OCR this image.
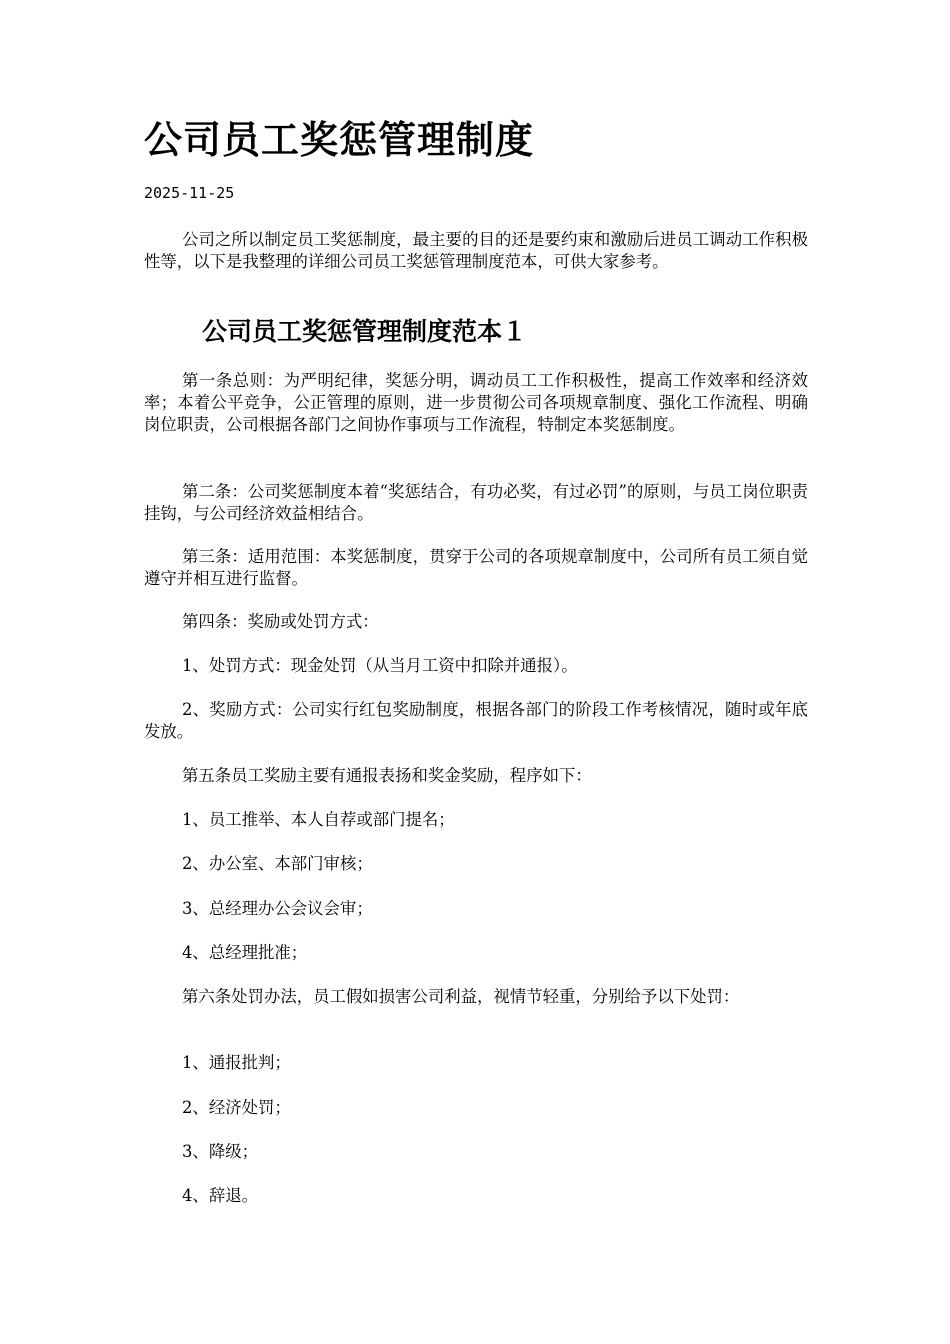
公司员工奖惩管理制度
2025-11-25

公司之所以制定员工奖惩制度，最主要的目的还是要约束和激励后进员工调动工作积极性等，以下是我整理的详细公司员工奖惩管理制度范本，可供大家参考。

公司员工奖惩管理制度范本１

第一条总则：为严明纪律，奖惩分明，调动员工工作积极性，提高工作效率和经济效率；本着公平竞争，公正管理的原则，进一步贯彻公司各项规章制度、强化工作流程、明确岗位职责，公司根据各部门之间协作事项与工作流程，特制定本奖惩制度。

第二条：公司奖惩制度本着“奖惩结合，有功必奖，有过必罚”的原则，与员工岗位职责挂钩，与公司经济效益相结合。

第三条：适用范围：本奖惩制度，贯穿于公司的各项规章制度中，公司所有员工须自觉遵守并相互进行监督。

第四条：奖励或处罚方式：

1、处罚方式：现金处罚（从当月工资中扣除并通报）。

2、奖励方式：公司实行红包奖励制度，根据各部门的阶段工作考核情况，随时或年底发放。

第五条员工奖励主要有通报表扬和奖金奖励，程序如下：

1、员工推举、本人自荐或部门提名；

2、办公室、本部门审核；

3、总经理办公会议会审；

4、总经理批准；

第六条处罚办法，员工假如损害公司利益，视情节轻重，分别给予以下处罚：

1、通报批判；

2、经济处罚；

3、降级；

4、辞退。
